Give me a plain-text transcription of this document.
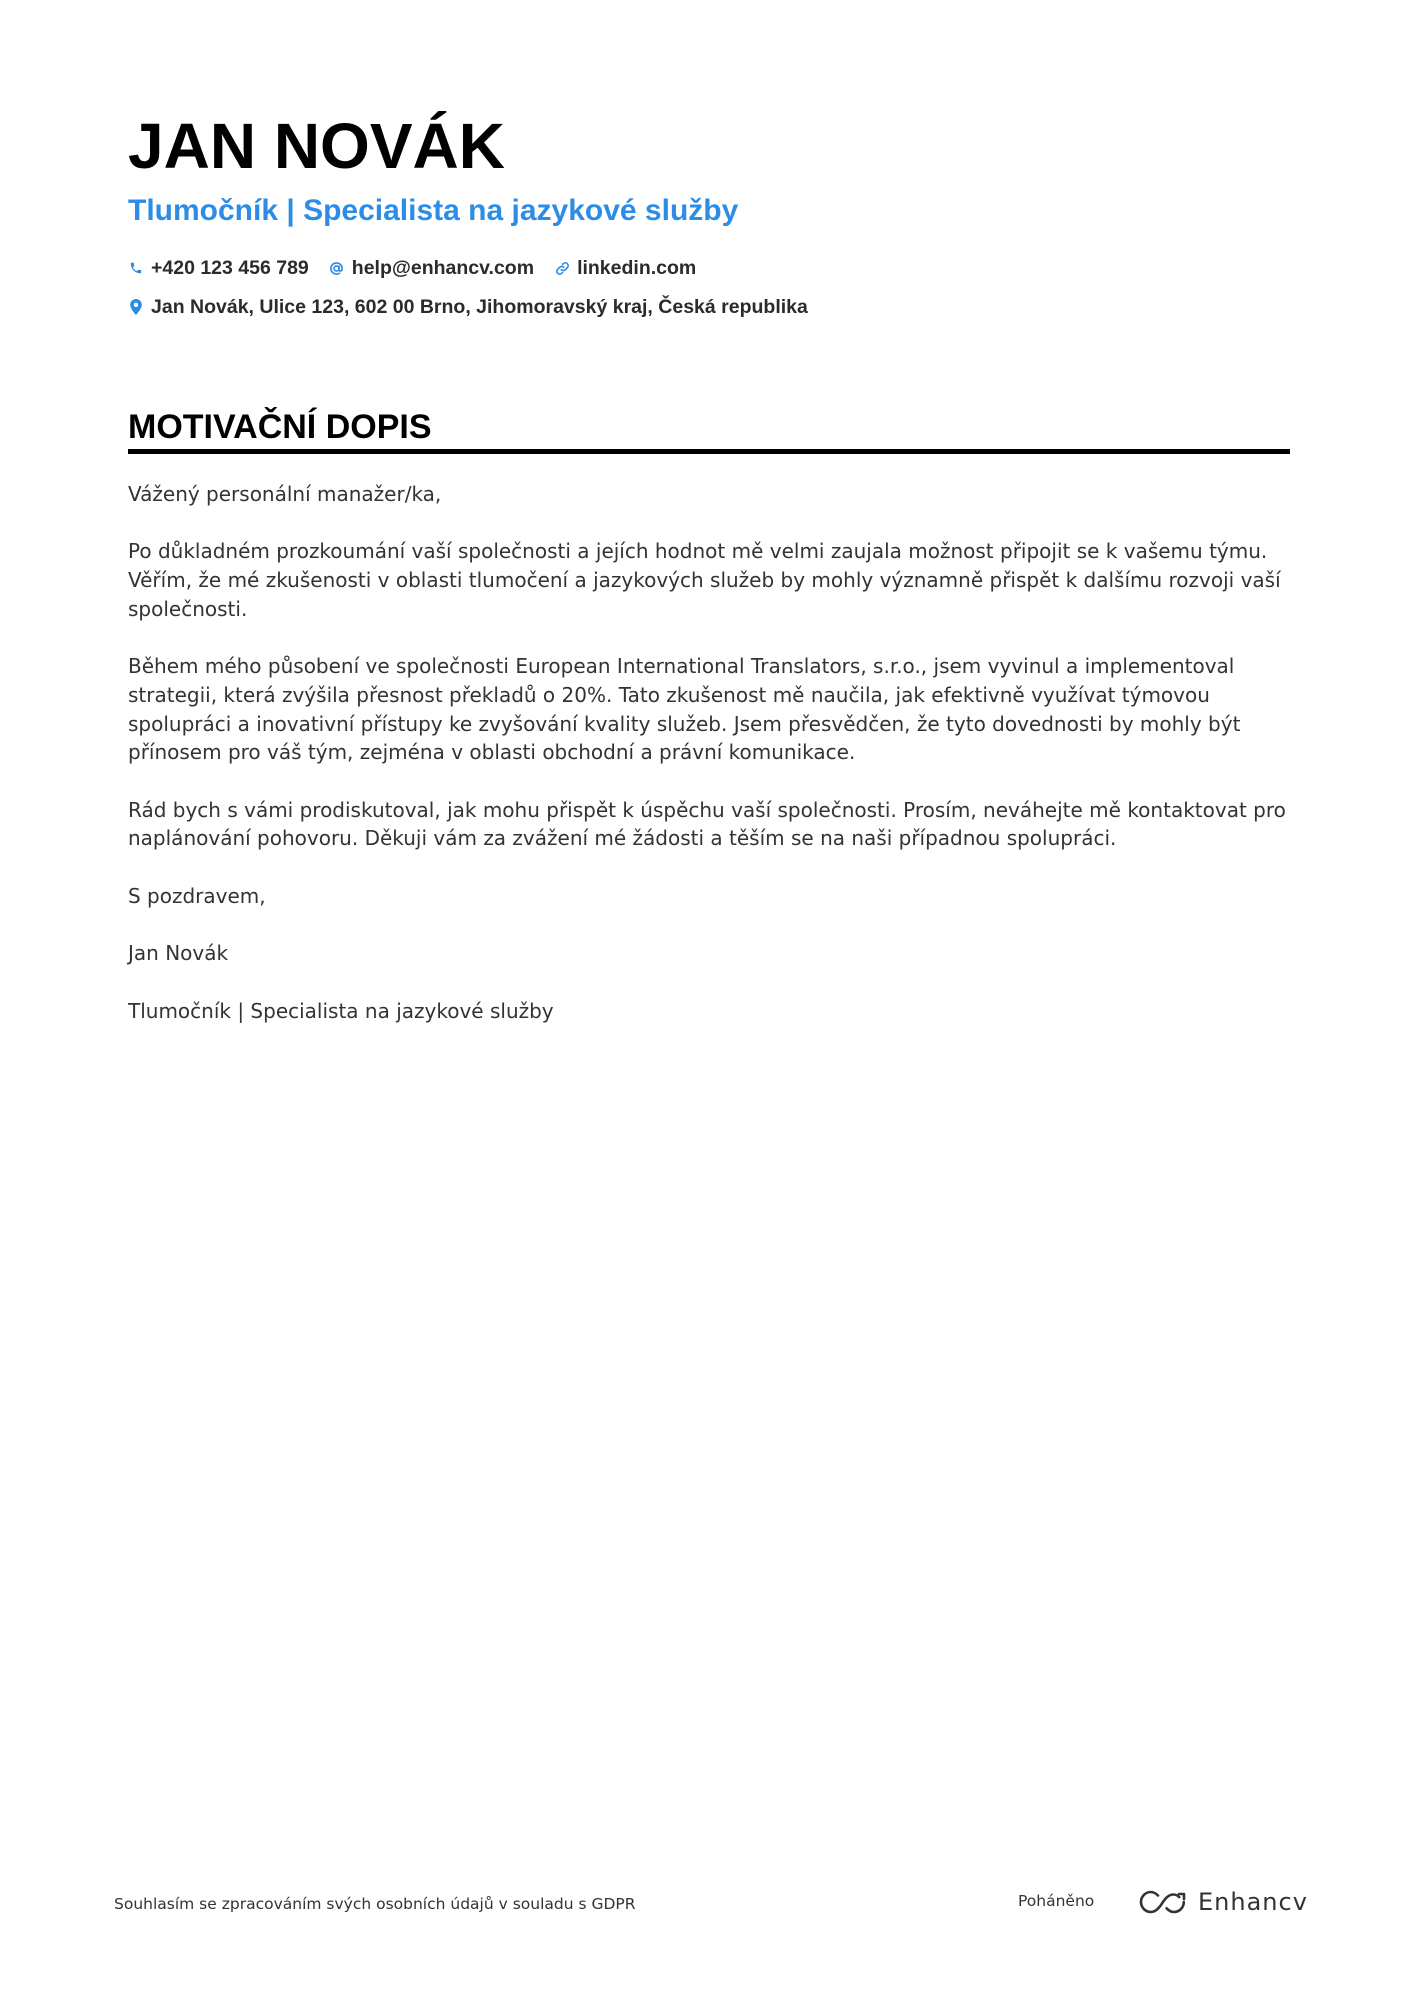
JAN NOVÁK
Tlumočník | Specialista na jazykové služby
+420 123 456 789 help@enhancv.com linkedin.com
Jan Novák, Ulice 123, 602 00 Brno, Jihomoravský kraj, Česká republika
MOTIVAČNÍ DOPIS

Vážený personální manažer/ka,

Po důkladném prozkoumání vaší společnosti a jejích hodnot mě velmi zaujala možnost připojit se k vašemu týmu. Věřím, že mé zkušenosti v oblasti tlumočení a jazykových služeb by mohly významně přispět k dalšímu rozvoji vaší společnosti.

Během mého působení ve společnosti European International Translators, s.r.o., jsem vyvinul a implementoval strategii, která zvýšila přesnost překladů o 20%. Tato zkušenost mě naučila, jak efektivně využívat týmovou spolupráci a inovativní přístupy ke zvyšování kvality služeb. Jsem přesvědčen, že tyto dovednosti by mohly být přínosem pro váš tým, zejména v oblasti obchodní a právní komunikace.

Rád bych s vámi prodiskutoval, jak mohu přispět k úspěchu vaší společnosti. Prosím, neváhejte mě kontaktovat pro naplánování pohovoru. Děkuji vám za zvážení mé žádosti a těším se na naši případnou spolupráci.

S pozdravem,

Jan Novák

Tlumočník | Specialista na jazykové služby

Souhlasím se zpracováním svých osobních údajů v souladu s GDPR	Poháněno	Enhancv
